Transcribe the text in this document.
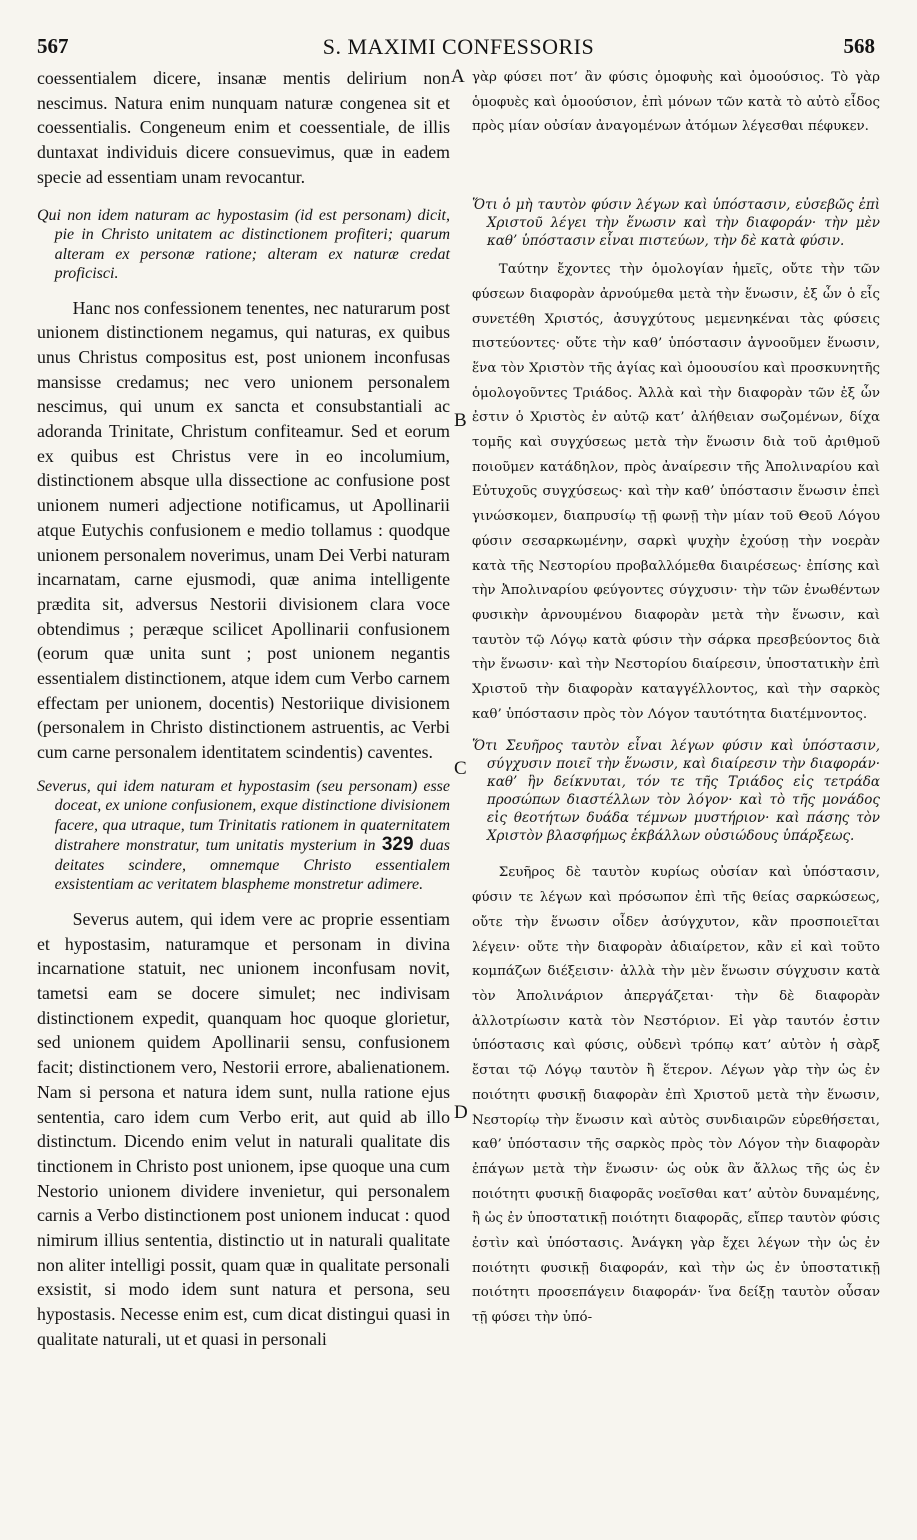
567	S. MAXIMI CONFESSORIS	568

coessentialem dicere, insanæ mentis delirium non nescimus. Natura enim nunquam naturæ congenea sit et coessentialis. Congeneum enim et coessentiale, de illis duntaxat individuis dicere consuevimus, quæ in eadem specie ad essentiam unam revocantur.

Qui non idem naturam ac hypostasim (id est personam) dicit, pie in Christo unitatem ac distinctionem profiteri; quarum alteram ex personæ ratione; alteram ex naturæ credat proficisci.

Hanc nos confessionem tenentes, nec naturarum post unionem distinctionem negamus, qui naturas, ex quibus unus Christus compositus est, post unionem inconfusas mansisse credamus; nec vero unionem personalem nescimus, qui unum ex sancta et consubstantiali ac adoranda Trinitate, Christum confiteamur. Sed et eorum ex quibus est Christus vere in eo incolumium, distinctionem absque ulla dissectione ac confusione post unionem numeri adjectione notificamus, ut Apollinarii atque Eutychis confusionem e medio tollamus : quodque unionem personalem noverimus, unam Dei Verbi naturam incarnatam, carne ejusmodi, quæ anima intelligente prædita sit, adversus Nestorii divisionem clara voce obtendimus ; peræque scilicet Apollinarii confusionem (eorum quæ unita sunt ; post unionem negantis essentialem distinctionem, atque idem cum Verbo carnem effectam per unionem, docentis) Nestoriique divisionem (personalem in Christo distinctionem astruentis, ac Verbi cum carne personalem identitatem scindentis) caventes.

Severus, qui idem naturam et hypostasim (seu personam) esse doceat, ex unione confusionem, exque distinctione divisionem facere, qua utraque, tum Trinitatis rationem in quaternitatem distrahere monstratur, tum unitatis mysterium in 329 duas deitates scindere, omnemque Christo essentialem exsistentiam ac veritatem blaspheme monstretur adimere.

Severus autem, qui idem vere ac proprie essentiam et hypostasim, naturamque et personam in divina incarnatione statuit, nec unionem inconfusam novit, tametsi eam se docere simulet; nec indivisam distinctionem expedit, quanquam hoc quoque glorietur, sed unionem quidem Apollinarii sensu, confusionem facit; distinctionem vero, Nestorii errore, abalienationem. Nam si persona et natura idem sunt, nulla ratione ejus sententia, caro idem cum Verbo erit, aut quid ab illo distinctum. Dicendo enim velut in naturali qualitate dis tinctionem in Christo post unionem, ipse quoque una cum Nestorio unionem dividere invenietur, qui personalem carnis a Verbo distinctionem post unionem inducat : quod nimirum illius sententia, distinctio ut in naturali qualitate non aliter intelligi possit, quam quæ in qualitate personali exsistit, si modo idem sunt natura et persona, seu hypostasis. Necesse enim est, cum dicat distingui quasi in qualitate naturali, ut et quasi in personali

A
B
C
D

γὰρ φύσει ποτ’ ἂν φύσις ὁμοφυὴς καὶ ὁμοούσιος. Τὸ γὰρ ὁμοφυὲς καὶ ὁμοούσιον, ἐπὶ μόνων τῶν κατὰ τὸ αὐτὸ εἶδος πρὸς μίαν οὐσίαν ἀναγομένων ἀτόμων λέγεσθαι πέφυκεν.

Ὅτι ὁ μὴ ταυτὸν φύσιν λέγων καὶ ὑπόστασιν, εὐσεβῶς ἐπὶ Χριστοῦ λέγει τὴν ἕνωσιν καὶ τὴν διαφοράν· τὴν μὲν καθ’ ὑπόστασιν εἶναι πιστεύων, τὴν δὲ κατὰ φύσιν.

Ταύτην ἔχοντες τὴν ὁμολογίαν ἡμεῖς, οὔτε τὴν τῶν φύσεων διαφορὰν ἀρνούμεθα μετὰ τὴν ἕνωσιν, ἐξ ὧν ὁ εἷς συνετέθη Χριστός, ἀσυγχύτους μεμενηκέναι τὰς φύσεις πιστεύοντες· οὔτε τὴν καθ’ ὑπόστασιν ἀγνοοῦμεν ἕνωσιν, ἕνα τὸν Χριστὸν τῆς ἁγίας καὶ ὁμοουσίου καὶ προσκυνητῆς ὁμολογοῦντες Τριάδος. Ἀλλὰ καὶ τὴν διαφορὰν τῶν ἐξ ὧν ἐστιν ὁ Χριστὸς ἐν αὐτῷ κατ’ ἀλήθειαν σωζομένων, δίχα τομῆς καὶ συγχύσεως μετὰ τὴν ἕνωσιν διὰ τοῦ ἀριθμοῦ ποιοῦμεν κατάδηλον, πρὸς ἀναίρεσιν τῆς Ἀπολιναρίου καὶ Εὐτυχοῦς συγχύσεως· καὶ τὴν καθ’ ὑπόστασιν ἕνωσιν ἐπεὶ γινώσκομεν, διαπρυσίῳ τῇ φωνῇ τὴν μίαν τοῦ Θεοῦ Λόγου φύσιν σεσαρκωμένην, σαρκὶ ψυχὴν ἐχούσῃ τὴν νοερὰν κατὰ τῆς Νεστορίου προβαλλόμεθα διαιρέσεως· ἐπίσης καὶ τὴν Ἀπολιναρίου φεύγοντες σύγχυσιν· τὴν τῶν ἑνωθέντων φυσικὴν ἀρνουμένου διαφορὰν μετὰ τὴν ἕνωσιν, καὶ ταυτὸν τῷ Λόγῳ κατὰ φύσιν τὴν σάρκα πρεσβεύοντος διὰ τὴν ἕνωσιν· καὶ τὴν Νεστορίου διαίρεσιν, ὑποστατικὴν ἐπὶ Χριστοῦ τὴν διαφορὰν καταγγέλλοντος, καὶ τὴν σαρκὸς καθ’ ὑπόστασιν πρὸς τὸν Λόγον ταυτότητα διατέμνοντος.

Ὅτι Σευῆρος ταυτὸν εἶναι λέγων φύσιν καὶ ὑπόστασιν, σύγχυσιν ποιεῖ τὴν ἕνωσιν, καὶ διαίρεσιν τὴν διαφοράν· καθ’ ἣν δείκνυται, τόν τε τῆς Τριάδος εἰς τετράδα προσώπων διαστέλλων τὸν λόγον· καὶ τὸ τῆς μονάδος εἰς θεοτήτων δυάδα τέμνων μυστήριον· καὶ πάσης τὸν Χριστὸν βλασφήμως ἐκβάλλων οὐσιώδους ὑπάρξεως.

Σευῆρος δὲ ταυτὸν κυρίως οὐσίαν καὶ ὑπόστασιν, φύσιν τε λέγων καὶ πρόσωπον ἐπὶ τῆς θείας σαρκώσεως, οὔτε τὴν ἕνωσιν οἶδεν ἀσύγχυτον, κἂν προσποιεῖται λέγειν· οὔτε τὴν διαφορὰν ἀδιαίρετον, κἂν εἰ καὶ τοῦτο κομπάζων διέξεισιν· ἀλλὰ τὴν μὲν ἕνωσιν σύγχυσιν κατὰ τὸν Ἀπολινάριον ἀπεργάζεται· τὴν δὲ διαφορὰν ἀλλοτρίωσιν κατὰ τὸν Νεστόριον. Εἰ γὰρ ταυτόν ἐστιν ὑπόστασις καὶ φύσις, οὐδενὶ τρόπῳ κατ’ αὐτὸν ἡ σὰρξ ἔσται τῷ Λόγῳ ταυτὸν ἢ ἕτερον. Λέγων γὰρ τὴν ὡς ἐν ποιότητι φυσικῇ διαφορὰν ἐπὶ Χριστοῦ μετὰ τὴν ἕνωσιν, Νεστορίῳ τὴν ἕνωσιν καὶ αὐτὸς συνδιαιρῶν εὑρεθήσεται, καθ’ ὑπόστασιν τῆς σαρκὸς πρὸς τὸν Λόγον τὴν διαφορὰν ἐπάγων μετὰ τὴν ἕνωσιν· ὡς οὐκ ἂν ἄλλως τῆς ὡς ἐν ποιότητι φυσικῇ διαφορᾶς νοεῖσθαι κατ’ αὐτὸν δυναμένης, ἢ ὡς ἐν ὑποστατικῇ ποιότητι διαφορᾶς, εἴπερ ταυτὸν φύσις ἐστὶν καὶ ὑπόστασις. Ἀνάγκη γὰρ ἔχει λέγων τὴν ὡς ἐν ποιότητι φυσικῇ διαφοράν, καὶ τὴν ὡς ἐν ὑποστατικῇ ποιότητι προσεπάγειν διαφοράν· ἵνα δείξῃ ταυτὸν οὖσαν τῇ φύσει τὴν ὑπό-
